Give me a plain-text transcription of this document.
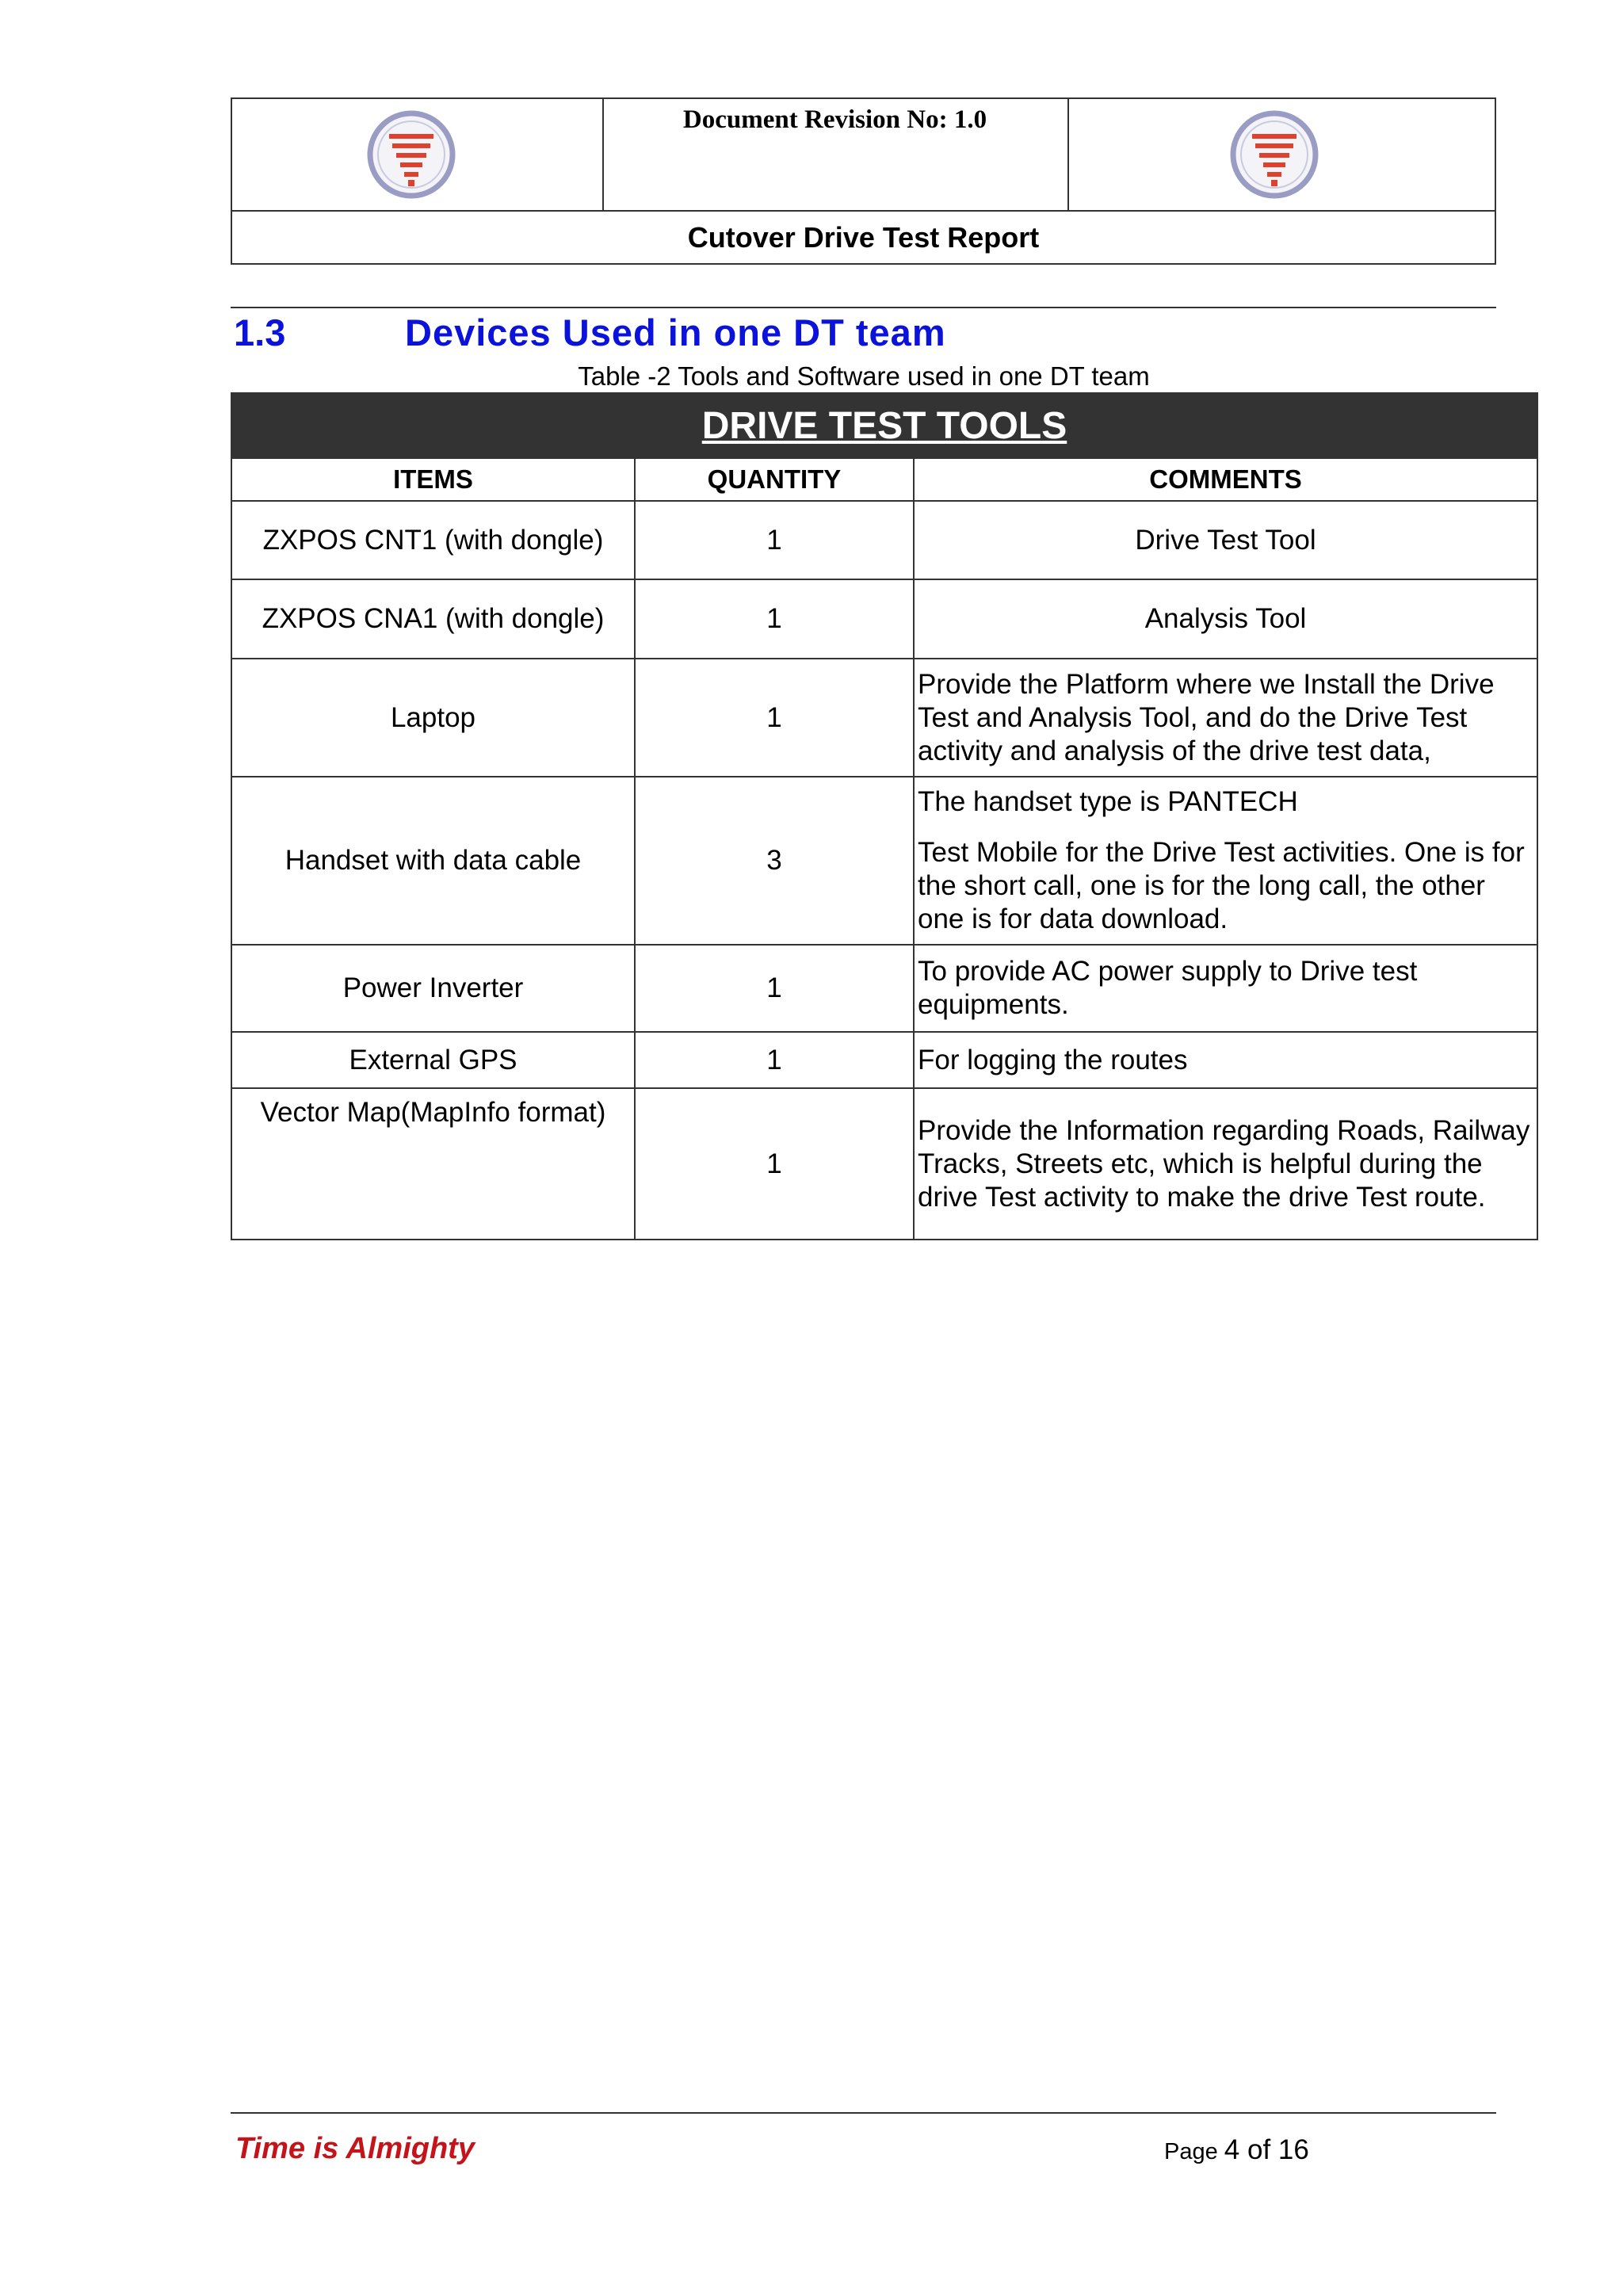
Document Revision No: 1.0
Cutover Drive Test Report
1.3	Devices Used in one DT team
Table -2 Tools and Software used in one DT team
DRIVE TEST TOOLS		
ITEMS	QUANTITY	COMMENTS
ZXPOS CNT1 (with dongle)	1	Drive Test Tool
ZXPOS CNA1 (with dongle)	1	Analysis Tool
Laptop	1	Provide the Platform where we Install the Drive Test and Analysis Tool, and do the Drive Test activity and analysis of the drive test data,
Handset with data cable	3	The handset type is PANTECH
Test Mobile for the Drive Test activities. One is for the short call, one is for the long call, the other one is for data download.
Power Inverter	1	To provide AC power supply to Drive test equipments.
External GPS	1	For logging the routes
Vector Map(MapInfo format)	1	Provide the Information regarding Roads, Railway Tracks, Streets etc, which is helpful during the drive Test activity to make the drive Test route.
Time is Almighty	Page 4 of 16
